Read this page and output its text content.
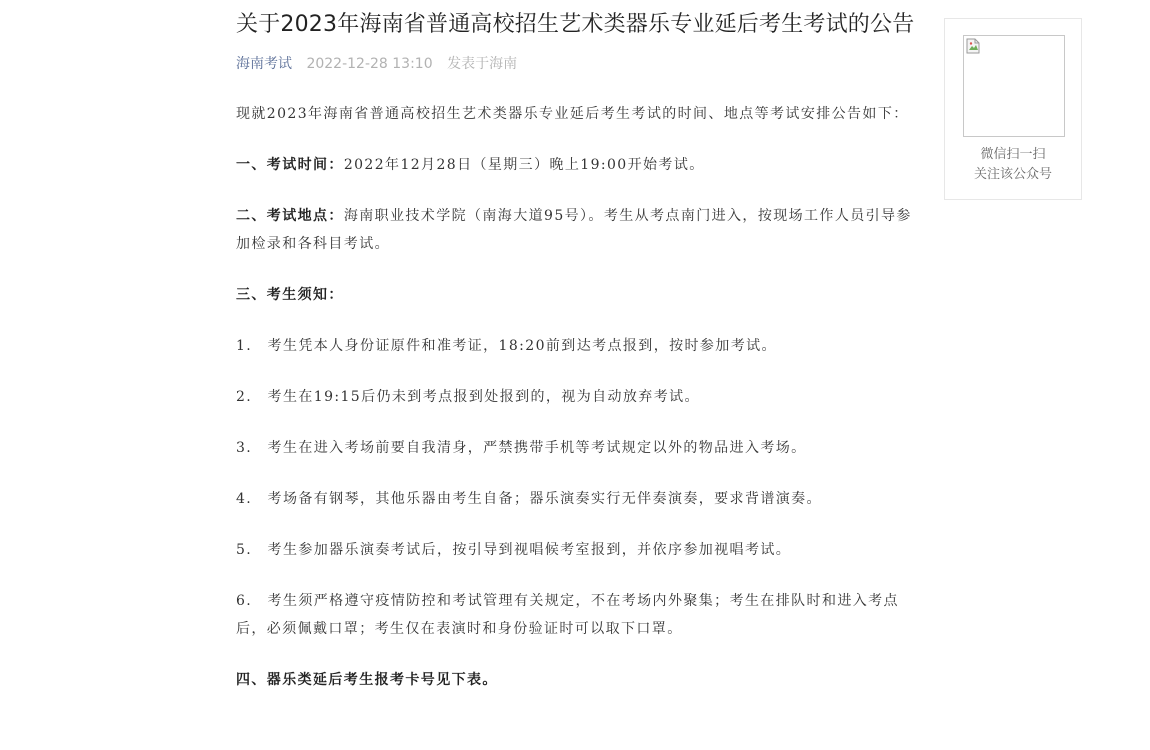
关于2023年海南省普通高校招生艺术类器乐专业延后考生考试的公告
海南考试 2022-12-28 13:10 发表于海南

现就2023年海南省普通高校招生艺术类器乐专业延后考生考试的时间、地点等考试安排公告如下：

一、考试时间：2022年12月28日（星期三）晚上19:00开始考试。

二、考试地点：海南职业技术学院（南海大道95号）。考生从考点南门进入，按现场工作人员引导参加检录和各科目考试。

三、考生须知：

1.　考生凭本人身份证原件和准考证，18:20前到达考点报到，按时参加考试。

2.　考生在19:15后仍未到考点报到处报到的，视为自动放弃考试。

3.　考生在进入考场前要自我清身，严禁携带手机等考试规定以外的物品进入考场。

4.　考场备有钢琴，其他乐器由考生自备；器乐演奏实行无伴奏演奏，要求背谱演奏。

5.　考生参加器乐演奏考试后，按引导到视唱候考室报到，并依序参加视唱考试。

6.　考生须严格遵守疫情防控和考试管理有关规定，不在考场内外聚集；考生在排队时和进入考点后，必须佩戴口罩；考生仅在表演时和身份验证时可以取下口罩。

四、器乐类延后考生报考卡号见下表。

微信扫一扫
关注该公众号
